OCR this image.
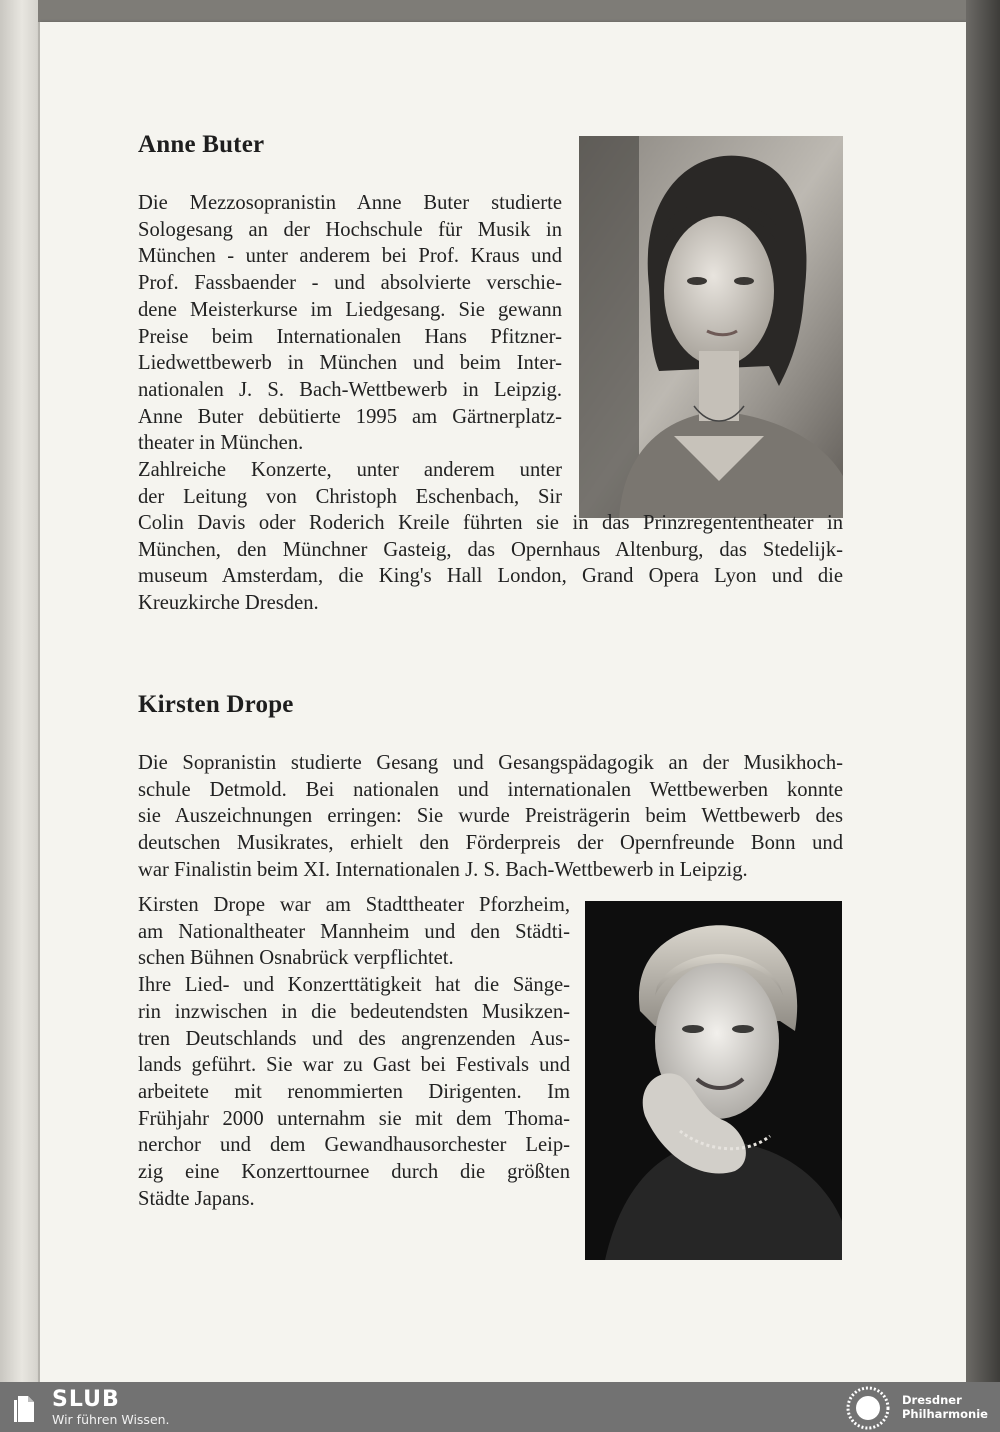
Anne Buter
Die Mezzosopranistin Anne Buter studierte
Sologesang an der Hochschule für Musik in
München - unter anderem bei Prof. Kraus und
Prof. Fassbaender - und absolvierte verschie-
dene Meisterkurse im Liedgesang. Sie gewann
Preise beim Internationalen Hans Pfitzner-
Liedwettbewerb in München und beim Inter-
nationalen J. S. Bach-Wettbewerb in Leipzig.
Anne Buter debütierte 1995 am Gärtnerplatz-
theater in München.
Zahlreiche Konzerte, unter anderem unter
der Leitung von Christoph Eschenbach, Sir
Colin Davis oder Roderich Kreile führten sie in das Prinzregententheater in
München, den Münchner Gasteig, das Opernhaus Altenburg, das Stedelijk-
museum Amsterdam, die King's Hall London, Grand Opera Lyon und die
Kreuzkirche Dresden.
Kirsten Drope
Die Sopranistin studierte Gesang und Gesangspädagogik an der Musikhoch-
schule Detmold. Bei nationalen und internationalen Wettbewerben konnte
sie Auszeichnungen erringen: Sie wurde Preisträgerin beim Wettbewerb des
deutschen Musikrates, erhielt den Förderpreis der Opernfreunde Bonn und
war Finalistin beim XI. Internationalen J. S. Bach-Wettbewerb in Leipzig.
Kirsten Drope war am Stadttheater Pforzheim,
am Nationaltheater Mannheim und den Städti-
schen Bühnen Osnabrück verpflichtet.
Ihre Lied- und Konzerttätigkeit hat die Sänge-
rin inzwischen in die bedeutendsten Musikzen-
tren Deutschlands und des angrenzenden Aus-
lands geführt. Sie war zu Gast bei Festivals und
arbeitete mit renommierten Dirigenten. Im
Frühjahr 2000 unternahm sie mit dem Thoma-
nerchor und dem Gewandhausorchester Leip-
zig eine Konzerttournee durch die größten
Städte Japans.
SLUB
Wir führen Wissen.
Dresdner
Philharmonie
